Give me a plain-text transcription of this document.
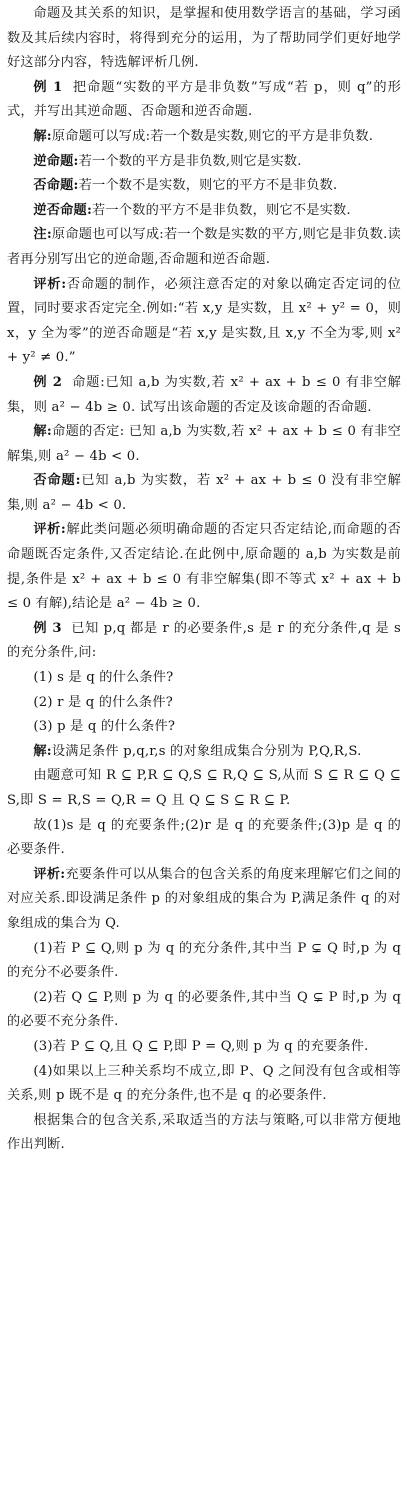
命题及其关系的知识，是掌握和使用数学语言的基础，学习函数及其后续内容时，将得到充分的运用，为了帮助同学们更好地学好这部分内容，特选解评析几例.

例 1 把命题“实数的平方是非负数”写成“若 p，则 q”的形式，并写出其逆命题、否命题和逆否命题.

解:原命题可以写成:若一个数是实数,则它的平方是非负数.

逆命题:若一个数的平方是非负数,则它是实数.

否命题:若一个数不是实数，则它的平方不是非负数.

逆否命题:若一个数的平方不是非负数，则它不是实数.

注:原命题也可以写成:若一个数是实数的平方,则它是非负数.读者再分别写出它的逆命题,否命题和逆否命题.

评析:否命题的制作，必须注意否定的对象以确定否定词的位置，同时要求否定完全.例如:“若 x,y 是实数，且 x² + y² = 0，则 x，y 全为零”的逆否命题是“若 x,y 是实数,且 x,y 不全为零,则 x² + y² ≠ 0.”

例 2 命题:已知 a,b 为实数,若 x² + ax + b ≤ 0 有非空解集，则 a² − 4b ≥ 0. 试写出该命题的否定及该命题的否命题.

解:命题的否定: 已知 a,b 为实数,若 x² + ax + b ≤ 0 有非空解集,则 a² − 4b < 0.

否命题:已知 a,b 为实数，若 x² + ax + b ≤ 0 没有非空解集,则 a² − 4b < 0.

评析:解此类问题必须明确命题的否定只否定结论,而命题的否命题既否定条件,又否定结论.在此例中,原命题的 a,b 为实数是前提,条件是 x² + ax + b ≤ 0 有非空解集(即不等式 x² + ax + b ≤ 0 有解),结论是 a² − 4b ≥ 0.

例 3 已知 p,q 都是 r 的必要条件,s 是 r 的充分条件,q 是 s 的充分条件,问:

(1) s 是 q 的什么条件?

(2) r 是 q 的什么条件?

(3) p 是 q 的什么条件?

解:设满足条件 p,q,r,s 的对象组成集合分别为 P,Q,R,S.

由题意可知 R ⊆ P,R ⊆ Q,S ⊆ R,Q ⊆ S,从而 S ⊆ R ⊆ Q ⊆ S,即 S = R,S = Q,R = Q 且 Q ⊆ S ⊆ R ⊆ P.

故(1)s 是 q 的充要条件;(2)r 是 q 的充要条件;(3)p 是 q 的必要条件.

评析:充要条件可以从集合的包含关系的角度来理解它们之间的对应关系.即设满足条件 p 的对象组成的集合为 P,满足条件 q 的对象组成的集合为 Q.

(1)若 P ⊆ Q,则 p 为 q 的充分条件,其中当 P ⊊ Q 时,p 为 q 的充分不必要条件.

(2)若 Q ⊆ P,则 p 为 q 的必要条件,其中当 Q ⊊ P 时,p 为 q 的必要不充分条件.

(3)若 P ⊆ Q,且 Q ⊆ P,即 P = Q,则 p 为 q 的充要条件.

(4)如果以上三种关系均不成立,即 P、Q 之间没有包含或相等关系,则 p 既不是 q 的充分条件,也不是 q 的必要条件.

根据集合的包含关系,采取适当的方法与策略,可以非常方便地作出判断.
